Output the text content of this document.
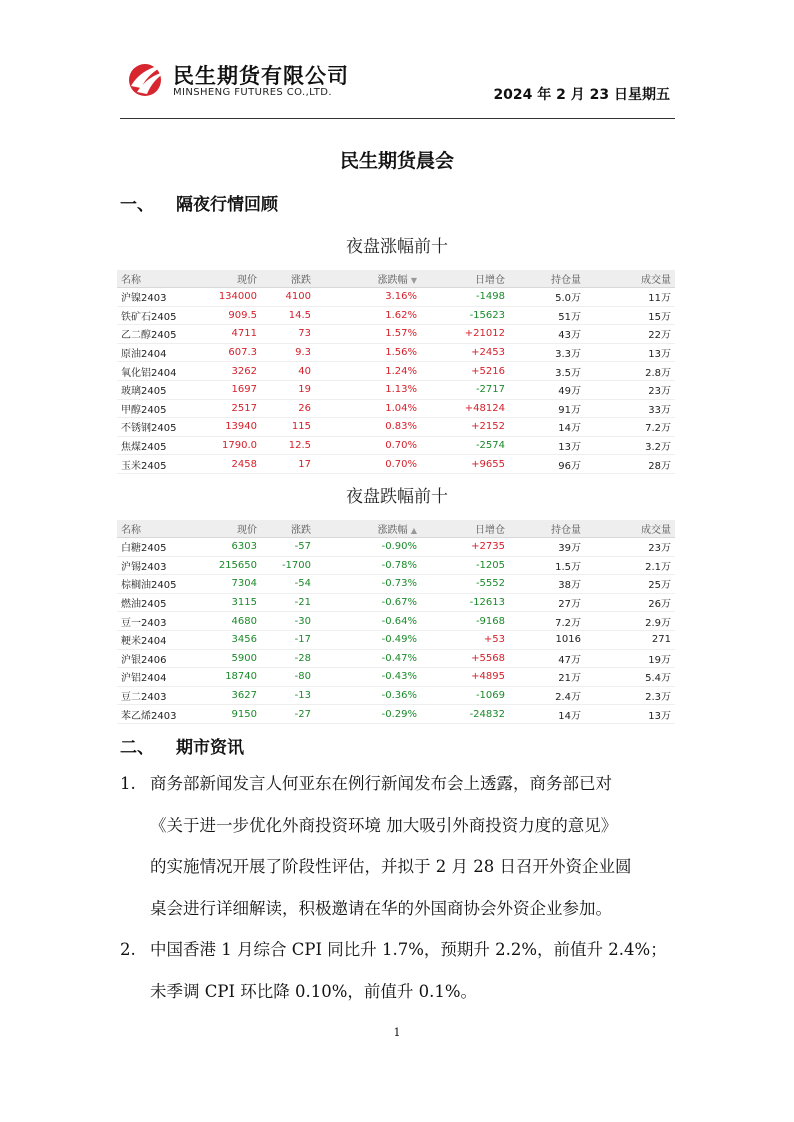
民生期货有限公司
MINSHENG FUTURES CO.,LTD.	2024 年 2 月 23 日星期五
民生期货晨会
一、 隔夜行情回顾
夜盘涨幅前十
名称	现价	涨跌	涨跌幅 ▼	日增仓	持仓量	成交量
沪镍2403	134000	4100	3.16%	-1498	5.0万	11万
铁矿石2405	909.5	14.5	1.62%	-15623	51万	15万
乙二醇2405	4711	73	1.57%	+21012	43万	22万
原油2404	607.3	9.3	1.56%	+2453	3.3万	13万
氧化铝2404	3262	40	1.24%	+5216	3.5万	2.8万
玻璃2405	1697	19	1.13%	-2717	49万	23万
甲醇2405	2517	26	1.04%	+48124	91万	33万
不锈钢2405	13940	115	0.83%	+2152	14万	7.2万
焦煤2405	1790.0	12.5	0.70%	-2574	13万	3.2万
玉米2405	2458	17	0.70%	+9655	96万	28万
夜盘跌幅前十
名称	现价	涨跌	涨跌幅 ▲	日增仓	持仓量	成交量
白糖2405	6303	-57	-0.90%	+2735	39万	23万
沪锡2403	215650	-1700	-0.78%	-1205	1.5万	2.1万
棕榈油2405	7304	-54	-0.73%	-5552	38万	25万
燃油2405	3115	-21	-0.67%	-12613	27万	26万
豆一2403	4680	-30	-0.64%	-9168	7.2万	2.9万
粳米2404	3456	-17	-0.49%	+53	1016	271
沪银2406	5900	-28	-0.47%	+5568	47万	19万
沪铝2404	18740	-80	-0.43%	+4895	21万	5.4万
豆二2403	3627	-13	-0.36%	-1069	2.4万	2.3万
苯乙烯2403	9150	-27	-0.29%	-24832	14万	13万
二、 期市资讯
1. 商务部新闻发言人何亚东在例行新闻发布会上透露，商务部已对
《关于进一步优化外商投资环境 加大吸引外商投资力度的意见》
的实施情况开展了阶段性评估，并拟于 2 月 28 日召开外资企业圆
桌会进行详细解读，积极邀请在华的外国商协会外资企业参加。
2. 中国香港 1 月综合 CPI 同比升 1.7%，预期升 2.2%，前值升 2.4%；
未季调 CPI 环比降 0.10%，前值升 0.1%。
1
